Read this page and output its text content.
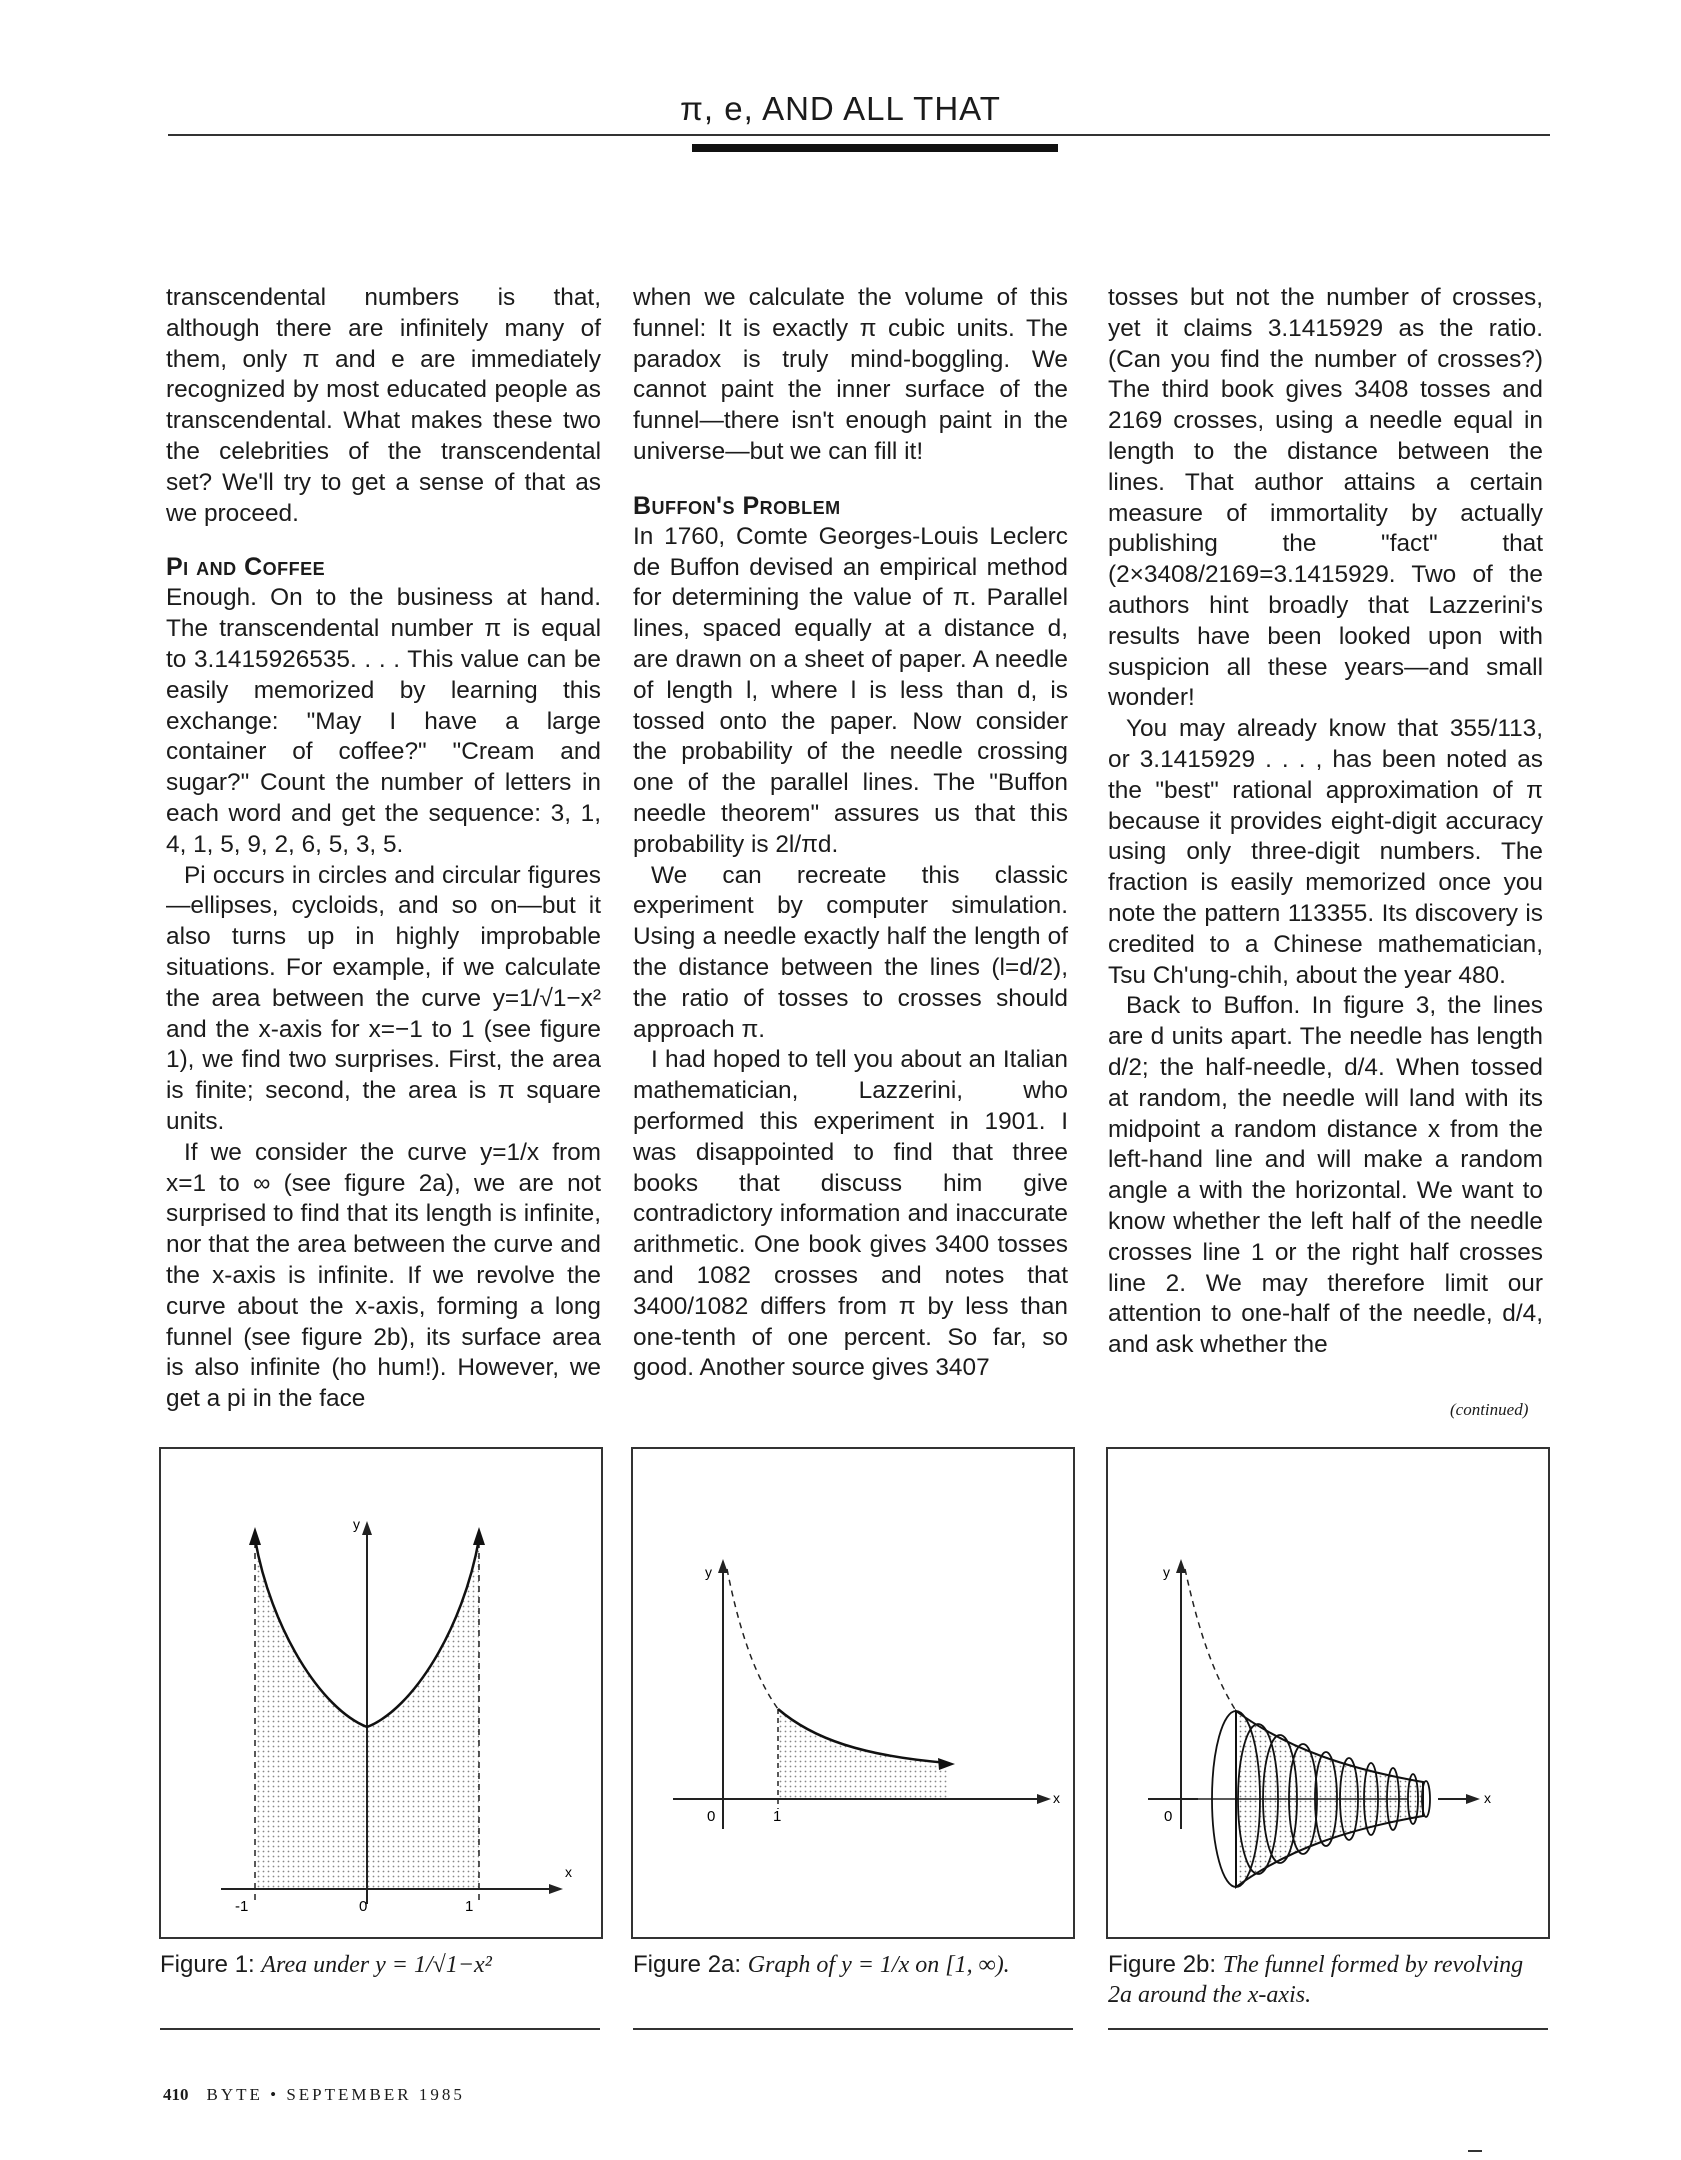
π, e, AND ALL THAT

transcendental numbers is that, although there are infinitely many of them, only π and e are immediately recognized by most educated people as transcendental. What makes these two the celebrities of the transcendental set? We'll try to get a sense of that as we proceed.

Pi and Coffee

Enough. On to the business at hand. The transcendental number π is equal to 3.1415926535. . . . This value can be easily memorized by learning this exchange: "May I have a large container of coffee?" "Cream and sugar?" Count the number of letters in each word and get the sequence: 3, 1, 4, 1, 5, 9, 2, 6, 5, 3, 5.

Pi occurs in circles and circular figures—ellipses, cycloids, and so on—but it also turns up in highly improbable situations. For example, if we calculate the area between the curve y=1/√1−x² and the x-axis for x=−1 to 1 (see figure 1), we find two surprises. First, the area is finite; second, the area is π square units.

If we consider the curve y=1/x from x=1 to ∞ (see figure 2a), we are not surprised to find that its length is infinite, nor that the area between the curve and the x-axis is infinite. If we revolve the curve about the x-axis, forming a long funnel (see figure 2b), its surface area is also infinite (ho hum!). However, we get a pi in the face

when we calculate the volume of this funnel: It is exactly π cubic units. The paradox is truly mind-boggling. We cannot paint the inner surface of the funnel—there isn't enough paint in the universe—but we can fill it!

Buffon's Problem

In 1760, Comte Georges-Louis Leclerc de Buffon devised an empirical method for determining the value of π. Parallel lines, spaced equally at a distance d, are drawn on a sheet of paper. A needle of length l, where l is less than d, is tossed onto the paper. Now consider the probability of the needle crossing one of the parallel lines. The "Buffon needle theorem" assures us that this probability is 2l/πd.

We can recreate this classic experiment by computer simulation. Using a needle exactly half the length of the distance between the lines (l=d/2), the ratio of tosses to crosses should approach π.

I had hoped to tell you about an Italian mathematician, Lazzerini, who performed this experiment in 1901. I was disappointed to find that three books that discuss him give contradictory information and inaccurate arithmetic. One book gives 3400 tosses and 1082 crosses and notes that 3400/1082 differs from π by less than one-tenth of one percent. So far, so good. Another source gives 3407

tosses but not the number of crosses, yet it claims 3.1415929 as the ratio. (Can you find the number of crosses?) The third book gives 3408 tosses and 2169 crosses, using a needle equal in length to the distance between the lines. That author attains a certain measure of immortality by actually publishing the "fact" that (2×3408/2169=3.1415929. Two of the authors hint broadly that Lazzerini's results have been looked upon with suspicion all these years—and small wonder!

You may already know that 355/113, or 3.1415929 . . . , has been noted as the "best" rational approximation of π because it provides eight-digit accuracy using only three-digit numbers. The fraction is easily memorized once you note the pattern 113355. Its discovery is credited to a Chinese mathematician, Tsu Ch'ung-chih, about the year 480.

Back to Buffon. In figure 3, the lines are d units apart. The needle has length d/2; the half-needle, d/4. When tossed at random, the needle will land with its midpoint a random distance x from the left-hand line and will make a random angle a with the horizontal. We want to know whether the left half of the needle crosses line 1 or the right half crosses line 2. We may therefore limit our attention to one-half of the needle, d/4, and ask whether the

(continued)
y
x
-1	0	1
y
x
0	1
y
x
0
Figure 1: Area under y = 1/√1−x²	Figure 2a: Graph of y = 1/x on [1, ∞).	Figure 2b: The funnel formed by revolving 2a around the x-axis.
410 BYTE • SEPTEMBER 1985
